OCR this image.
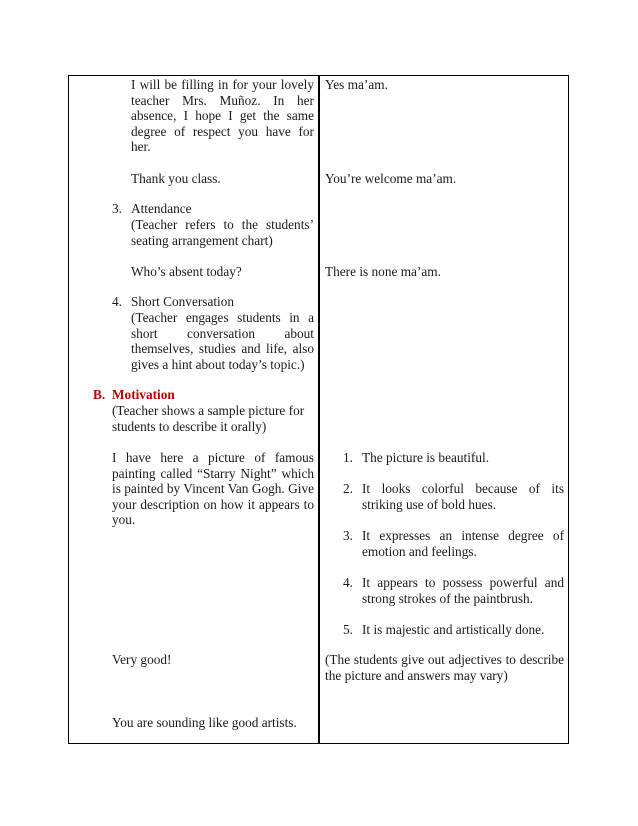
I will be filling in for your lovely teacher Mrs. Muñoz. In her absence, I hope I get the same degree of respect you have for her.

Thank you class.

3. Attendance

(Teacher refers to the students’ seating arrangement chart)

Who’s absent today?

4. Short Conversation

(Teacher engages students in a short conversation about themselves, studies and life, also gives a hint about today’s topic.)

B. Motivation

(Teacher shows a sample picture for students to describe it orally)

I have here a picture of famous painting called “Starry Night” which is painted by Vincent Van Gogh. Give your description on how it appears to you.

Very good!

You are sounding like good artists.

Yes ma’am.

You’re welcome ma’am.

There is none ma’am.

1. The picture is beautiful.

2. It looks colorful because of its striking use of bold hues.

3. It expresses an intense degree of emotion and feelings.

4. It appears to possess powerful and strong strokes of the paintbrush.

5. It is majestic and artistically done.

(The students give out adjectives to describe the picture and answers may vary)
